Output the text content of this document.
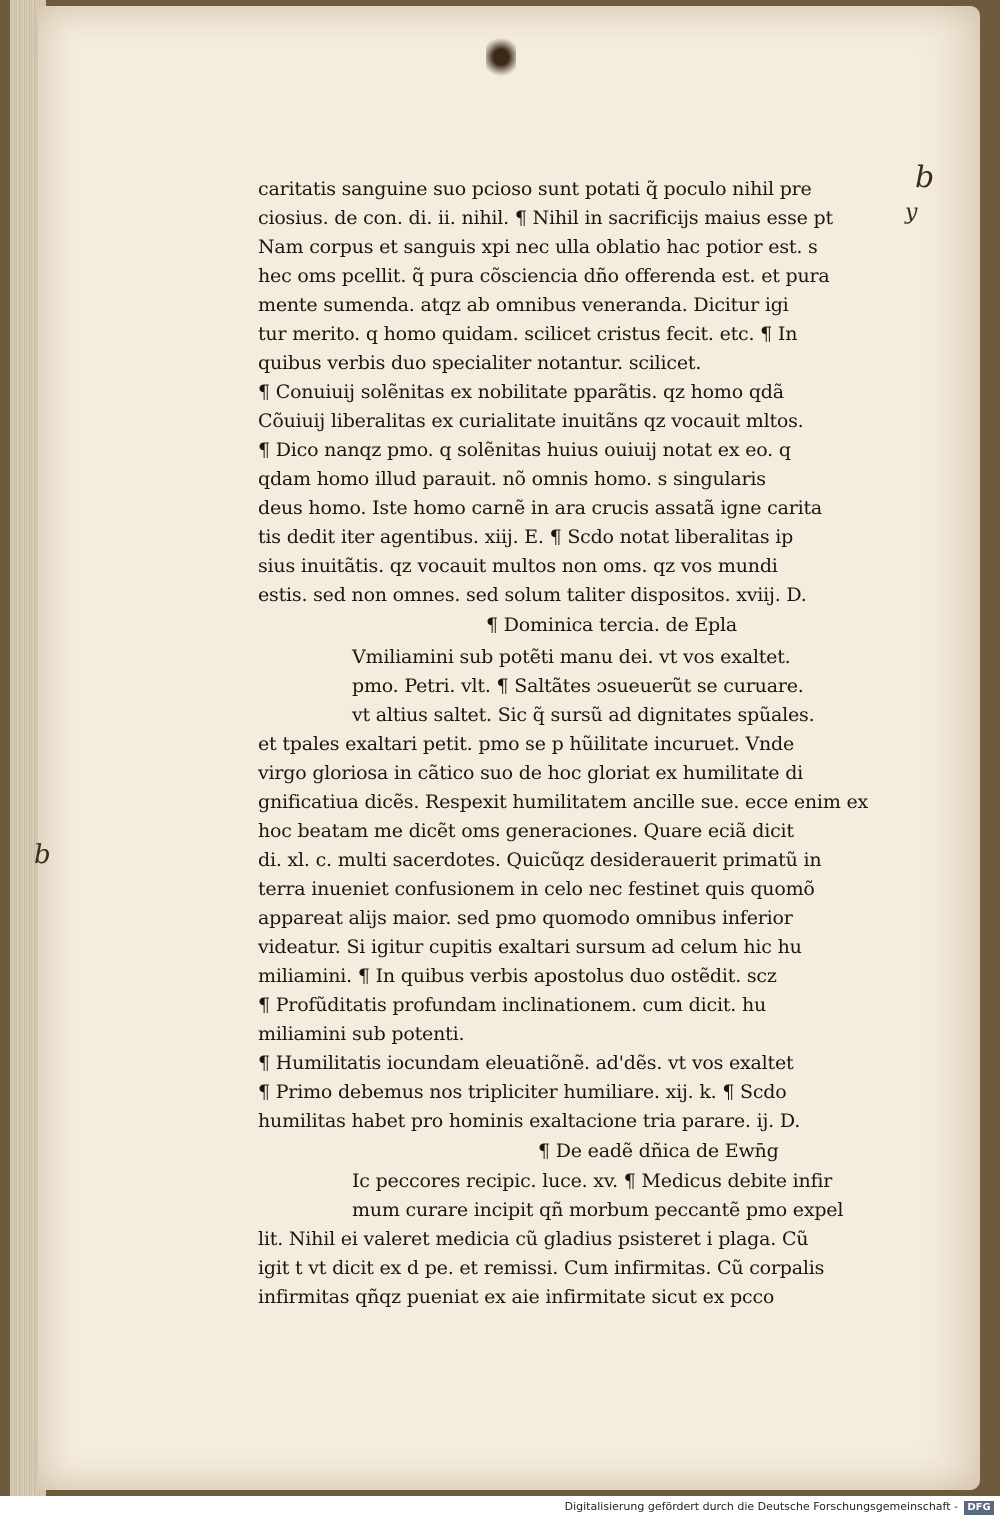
caritatis sanguine suo pcioso sunt potati q̃ poculo nihil pre
ciosius. de con. di. ii. nihil. ¶ Nihil in sacrificijs maius esse pt
Nam corpus et sanguis xpi nec ulla oblatio hac potior est. s
hec oms pcellit. q̃ pura cõsciencia dño offerenda est. et pura
mente sumenda. atqz ab omnibus veneranda. Dicitur igi
tur merito. q homo quidam. scilicet cristus fecit. etc. ¶ In
quibus verbis duo specialiter notantur. scilicet.
¶ Conuiuij solẽnitas ex nobilitate pparãtis. qz homo qdã
Cõuiuij liberalitas ex curialitate inuitãns qz vocauit mltos.
¶ Dico nanqz pmo. q solẽnitas huius ouiuij notat ex eo. q
qdam homo illud parauit. nõ omnis homo. s singularis
deus homo. Iste homo carnẽ in ara crucis assatã igne carita
tis dedit iter agentibus. xiij. E. ¶ Scdo notat liberalitas ip
sius inuitãtis. qz vocauit multos non oms. qz vos mundi
estis. sed non omnes. sed solum taliter dispositos. xviij. D.
¶ Dominica tercia. de Epla
Vmiliamini sub potẽti manu dei. vt vos exaltet.
pmo. Petri. vlt. ¶ Saltãtes ɔsueuerũt se curuare.
vt altius saltet. Sic q̃ sursũ ad dignitates spũales.
et tpales exaltari petit. pmo se p hũilitate incuruet. Vnde
virgo gloriosa in cãtico suo de hoc gloriat ex humilitate di
gnificatiua dicẽs. Respexit humilitatem ancille sue. ecce enim ex
hoc beatam me dicẽt oms generaciones. Quare eciã dicit
di. xl. c. multi sacerdotes. Quicũqz desiderauerit primatũ in
terra inueniet confusionem in celo nec festinet quis quomõ
appareat alijs maior. sed pmo quomodo omnibus inferior
videatur. Si igitur cupitis exaltari sursum ad celum hic hu
miliamini. ¶ In quibus verbis apostolus duo ostẽdit. scz
¶ Profũditatis profundam inclinationem. cum dicit. hu
miliamini sub potenti.
¶ Humilitatis iocundam eleuatiõnẽ. ad'dẽs. vt vos exaltet
¶ Primo debemus nos tripliciter humiliare. xij. k. ¶ Scdo
humilitas habet pro hominis exaltacione tria parare. ij. D.
¶ De eadẽ dñica de Ewn̄g
Ic peccores recipic. luce. xv. ¶ Medicus debite infir
mum curare incipit qñ morbum peccantẽ pmo expel
lit. Nihil ei valeret medicia cũ gladius psisteret i plaga. Cũ
igit t vt dicit ex d pe. et remissi. Cum infirmitas. Cũ corpalis
infirmitas qñqz pueniat ex aie infirmitate sicut ex pcco
b
y
b
Digitalisierung gefördert durch die Deutsche Forschungsgemeinschaft - DFG
